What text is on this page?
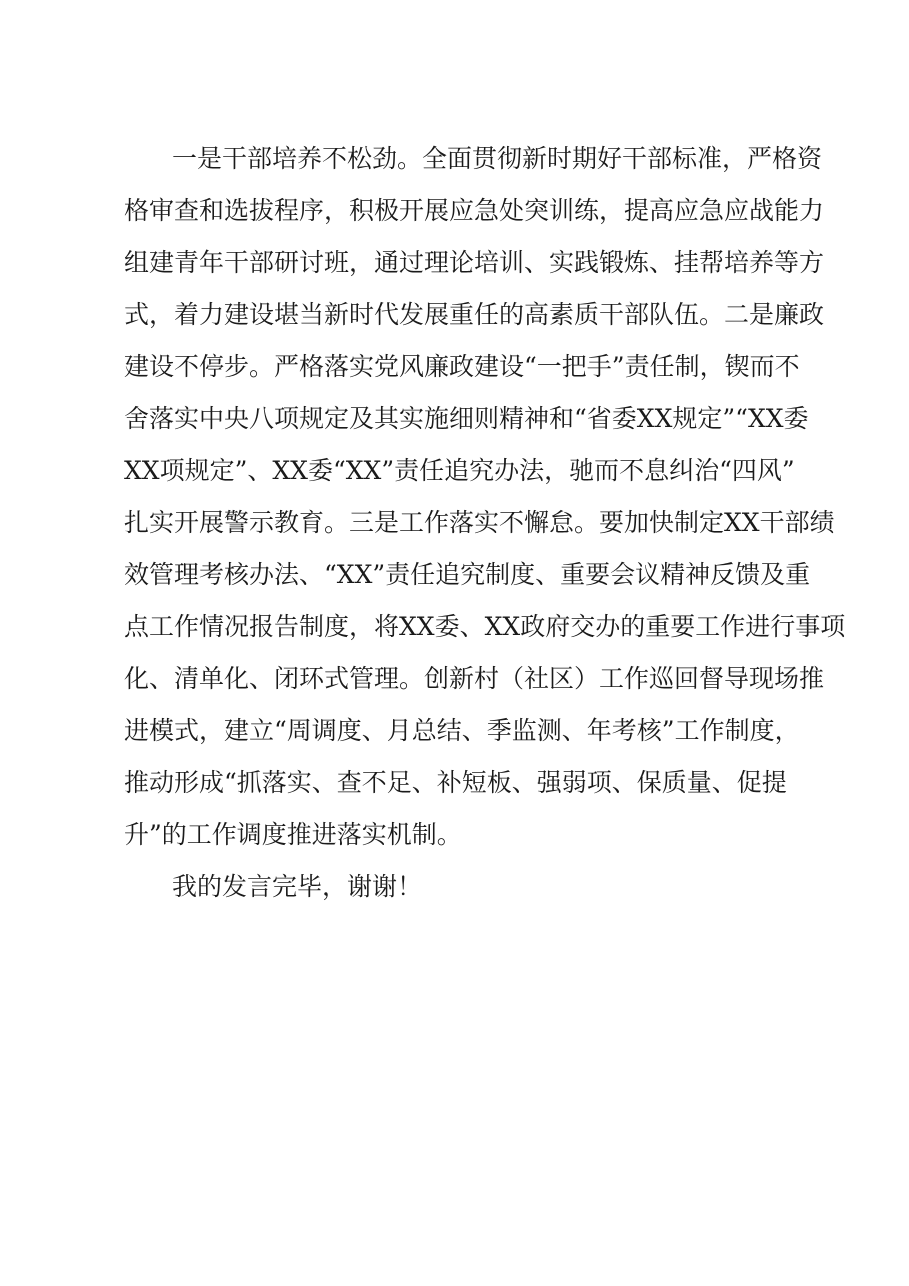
一是干部培养不松劲。全面贯彻新时期好干部标准，严格资
格审查和选拔程序，积极开展应急处突训练，提高应急应战能力
组建青年干部研讨班，通过理论培训、实践锻炼、挂帮培养等方
式，着力建设堪当新时代发展重任的高素质干部队伍。二是廉政
建设不停步。严格落实党风廉政建设“一把手”责任制，锲而不
舍落实中央八项规定及其实施细则精神和“省委XX规定”“XX委
XX项规定”、XX委“XX”责任追究办法，驰而不息纠治“四风”
扎实开展警示教育。三是工作落实不懈怠。要加快制定XX干部绩
效管理考核办法、“XX”责任追究制度、重要会议精神反馈及重
点工作情况报告制度，将XX委、XX政府交办的重要工作进行事项
化、清单化、闭环式管理。创新村（社区）工作巡回督导现场推
进模式，建立“周调度、月总结、季监测、年考核”工作制度，
推动形成“抓落实、查不足、补短板、强弱项、保质量、促提
升”的工作调度推进落实机制。
我的发言完毕，谢谢！
